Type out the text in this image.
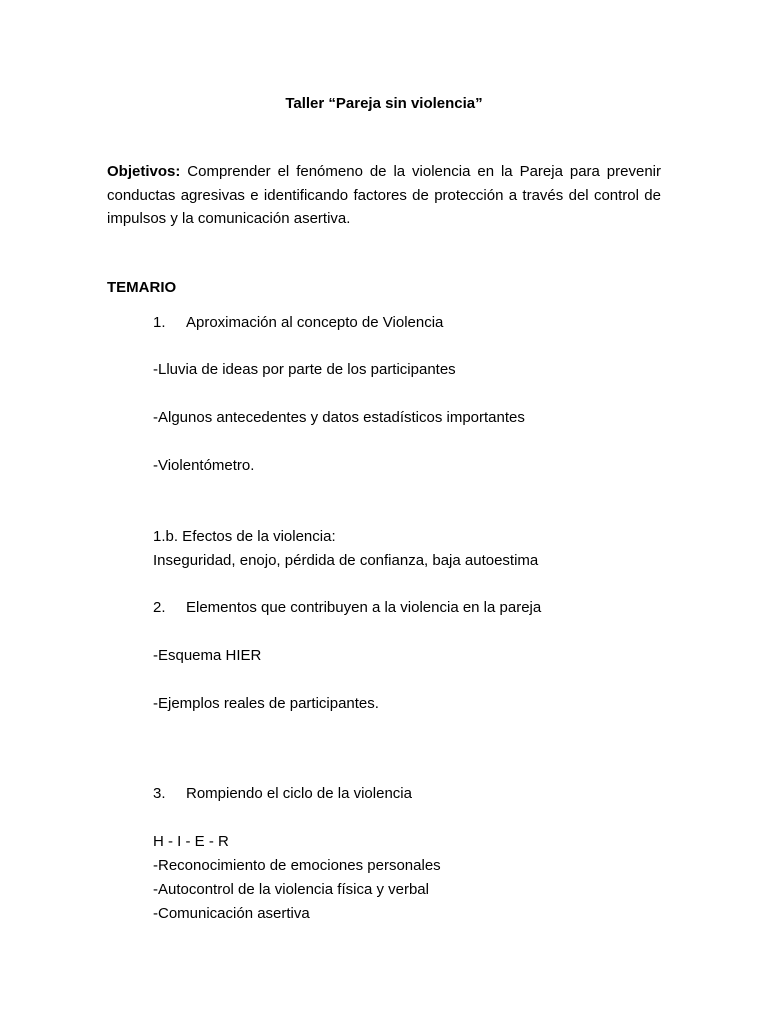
Taller “Pareja sin violencia”
Objetivos: Comprender el fenómeno de la violencia en la Pareja para prevenir conductas agresivas e identificando factores de protección a través del control de impulsos y la comunicación asertiva.
TEMARIO
1. Aproximación al concepto de Violencia
-Lluvia de ideas por parte de los participantes
-Algunos antecedentes y datos estadísticos importantes
-Violentómetro.
1.b. Efectos de la violencia:
Inseguridad, enojo, pérdida de confianza, baja autoestima
2. Elementos que contribuyen a la violencia en la pareja
-Esquema HIER
-Ejemplos reales de participantes.
3. Rompiendo el ciclo de la violencia
H - I - E - R
-Reconocimiento de emociones personales
-Autocontrol de la violencia física y verbal
-Comunicación asertiva
